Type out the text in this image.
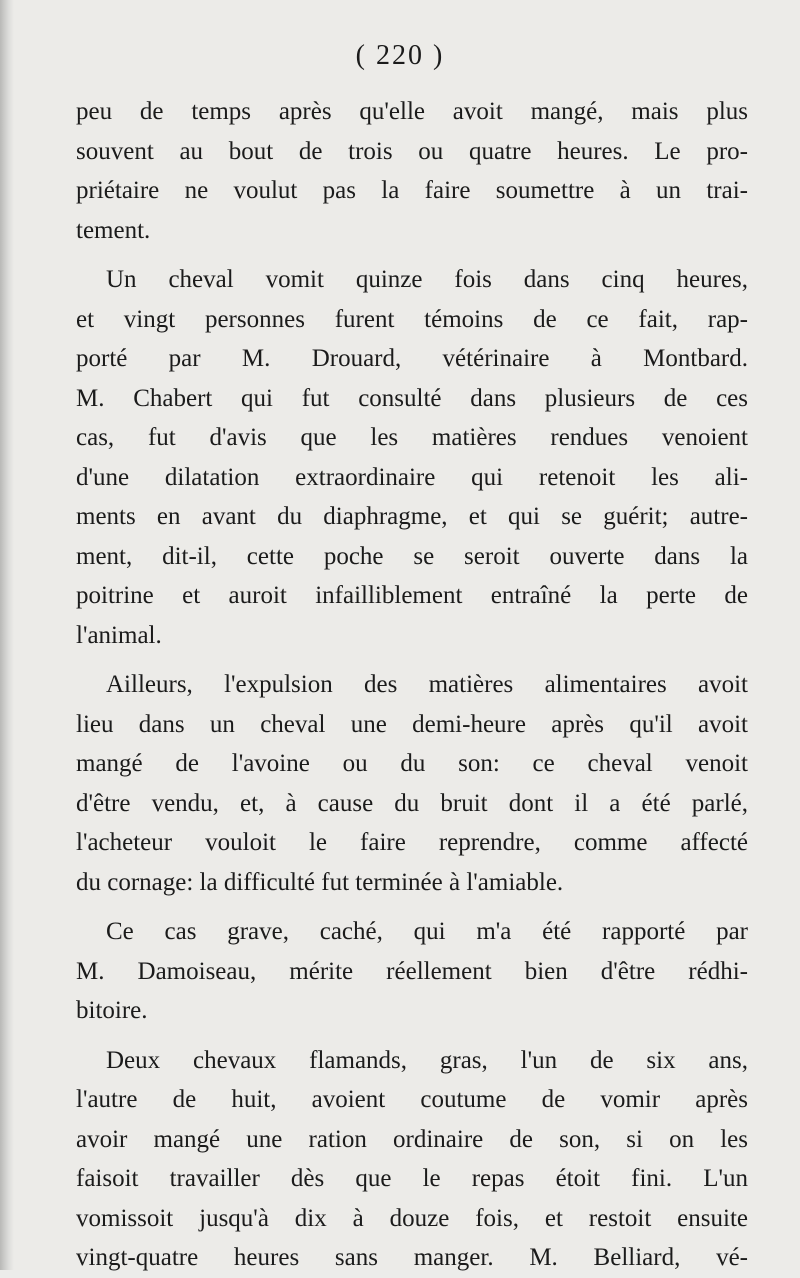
( 220 )
peu de temps après qu'elle avoit mangé, mais plus
souvent au bout de trois ou quatre heures. Le pro-
priétaire ne voulut pas la faire soumettre à un trai-
tement.
Un cheval vomit quinze fois dans cinq heures,
et vingt personnes furent témoins de ce fait, rap-
porté par M. Drouard, vétérinaire à Montbard.
M. Chabert qui fut consulté dans plusieurs de ces
cas, fut d'avis que les matières rendues venoient
d'une dilatation extraordinaire qui retenoit les ali-
ments en avant du diaphragme, et qui se guérit; autre-
ment, dit-il, cette poche se seroit ouverte dans la
poitrine et auroit infailliblement entraîné la perte de
l'animal.
Ailleurs, l'expulsion des matières alimentaires avoit
lieu dans un cheval une demi-heure après qu'il avoit
mangé de l'avoine ou du son: ce cheval venoit
d'être vendu, et, à cause du bruit dont il a été parlé,
l'acheteur vouloit le faire reprendre, comme affecté
du cornage: la difficulté fut terminée à l'amiable.
Ce cas grave, caché, qui m'a été rapporté par
M. Damoiseau, mérite réellement bien d'être rédhi-
bitoire.
Deux chevaux flamands, gras, l'un de six ans,
l'autre de huit, avoient coutume de vomir après
avoir mangé une ration ordinaire de son, si on les
faisoit travailler dès que le repas étoit fini. L'un
vomissoit jusqu'à dix à douze fois, et restoit ensuite
vingt-quatre heures sans manger. M. Belliard, vé-
